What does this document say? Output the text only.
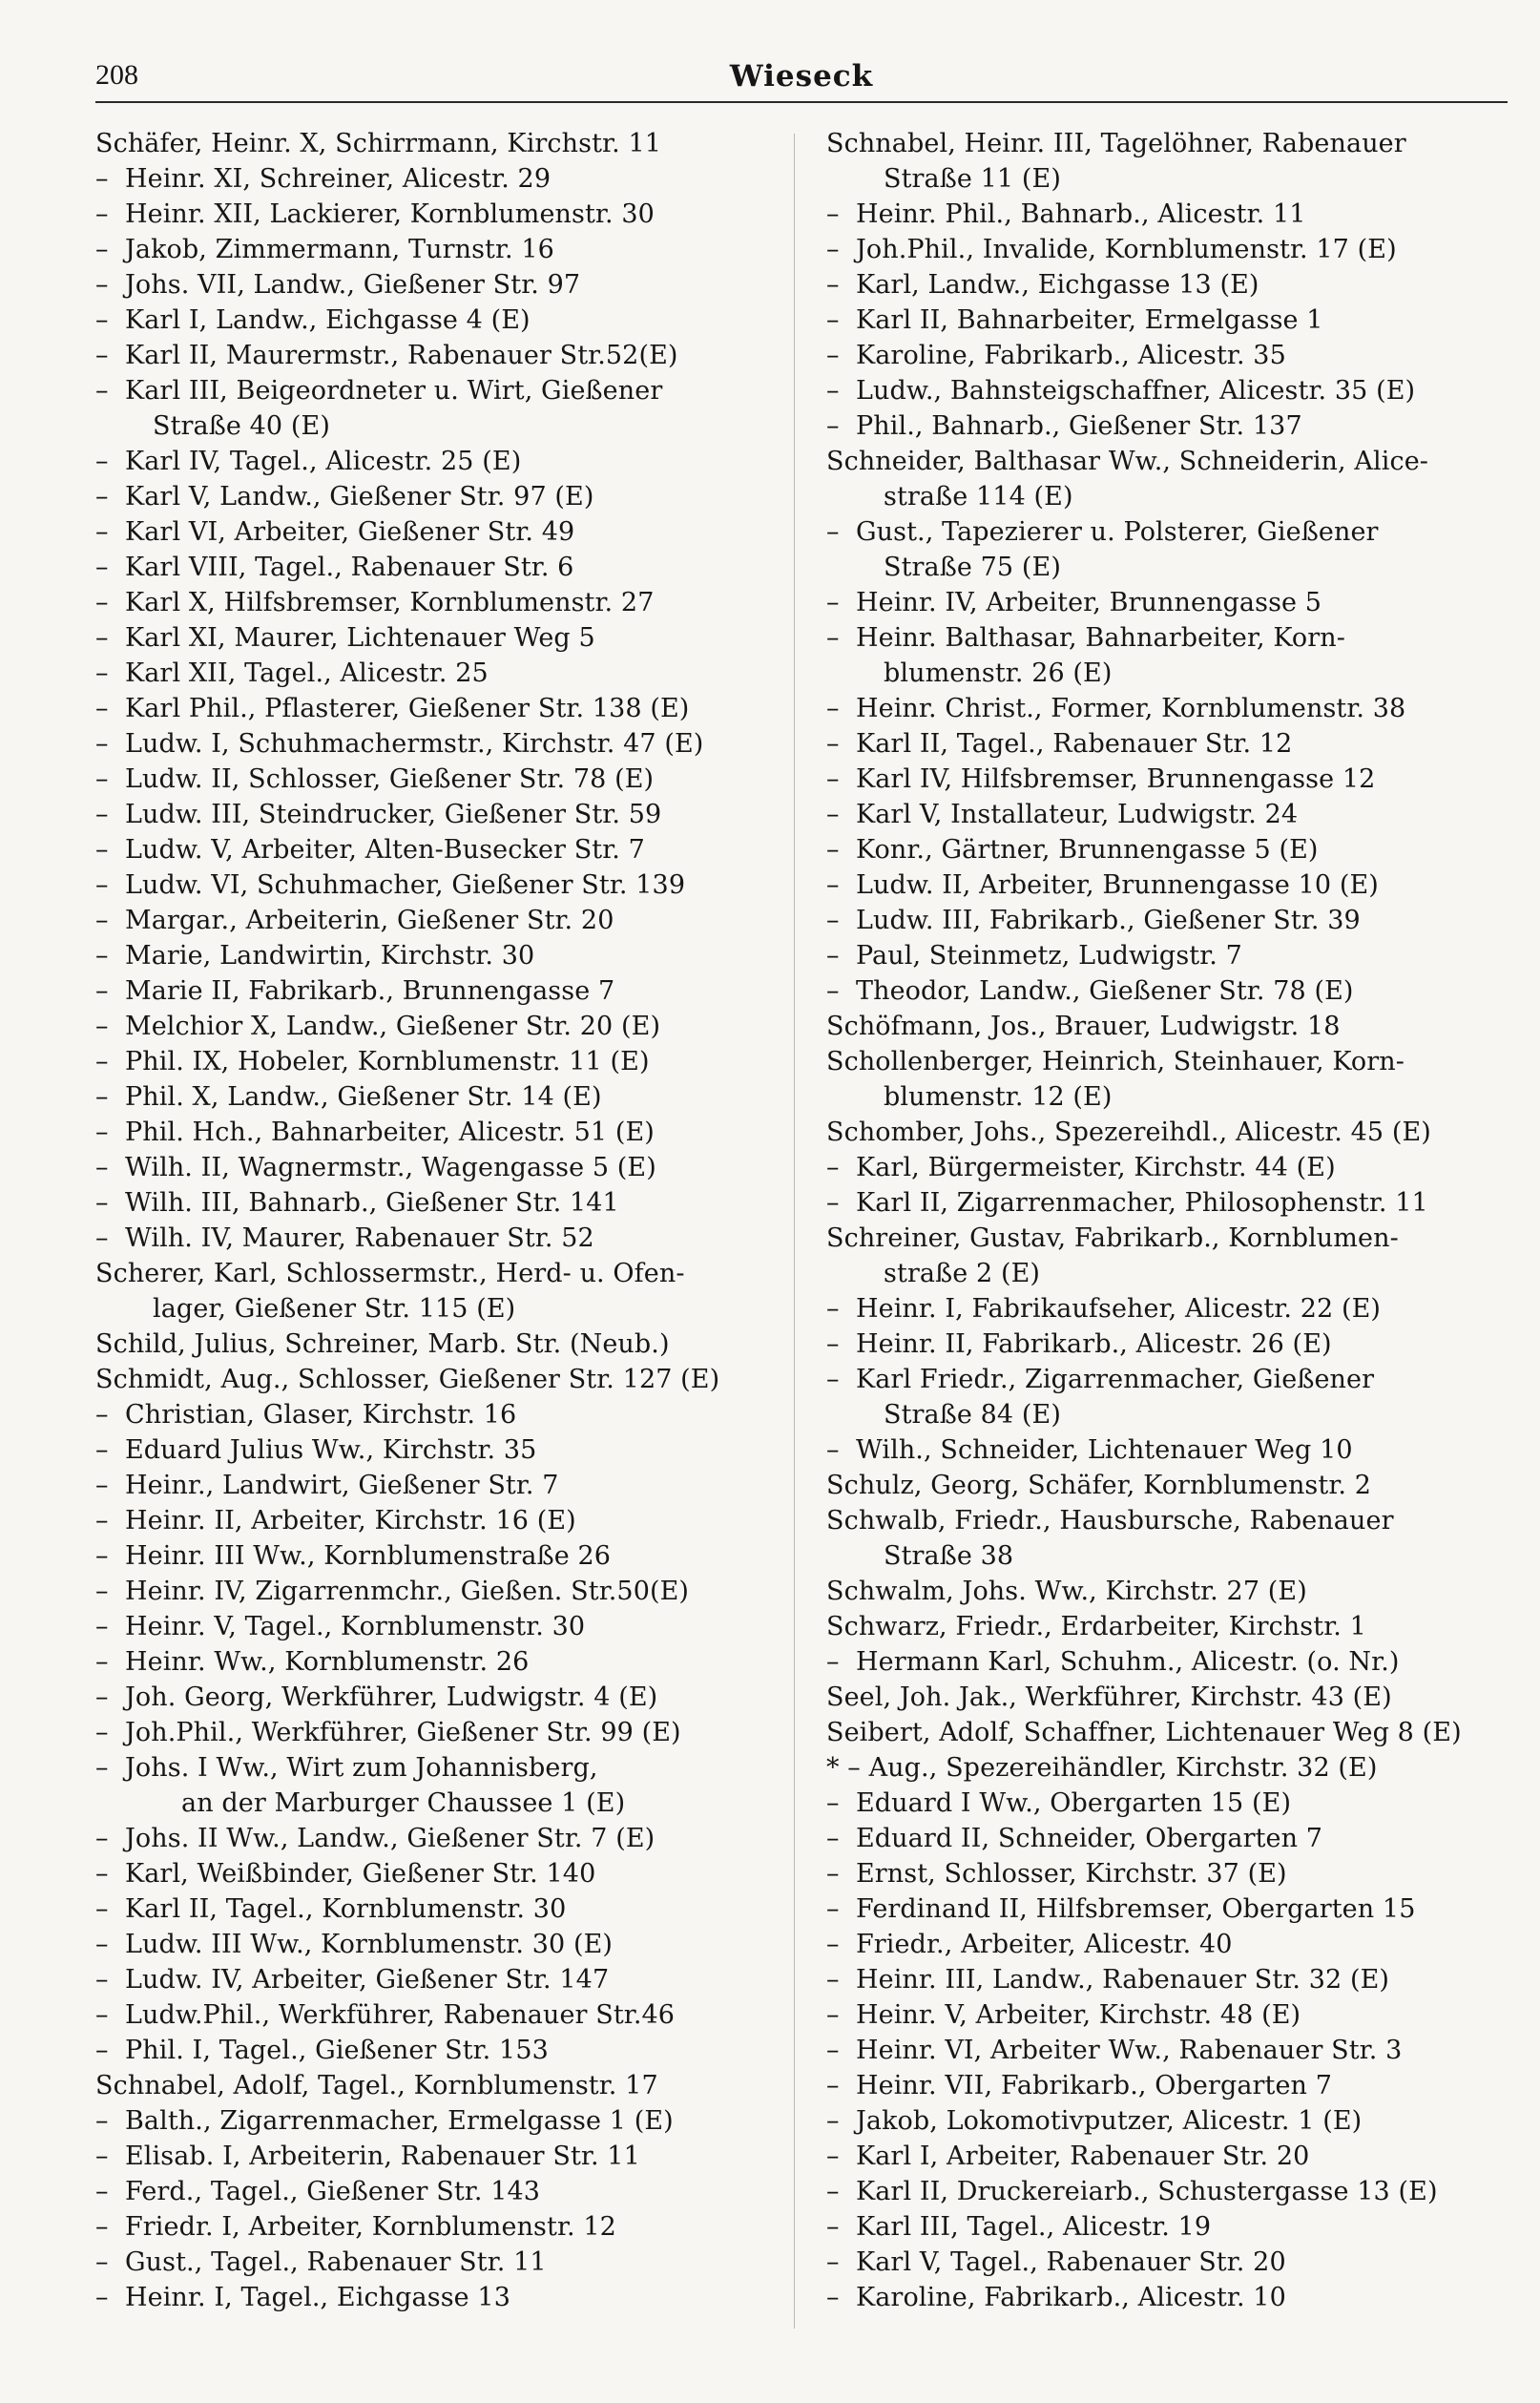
208	Wieseck
Schäfer, Heinr. X, Schirrmann, Kirchstr. 11
–  Heinr. XI, Schreiner, Alicestr. 29
–  Heinr. XII, Lackierer, Kornblumenstr. 30
–  Jakob, Zimmermann, Turnstr. 16
–  Johs. VII, Landw., Gießener Str. 97
–  Karl I, Landw., Eichgasse 4 (E)
–  Karl II, Maurermstr., Rabenauer Str.52(E)
–  Karl III, Beigeordneter u. Wirt, Gießener
Straße 40 (E)
–  Karl IV, Tagel., Alicestr. 25 (E)
–  Karl V, Landw., Gießener Str. 97 (E)
–  Karl VI, Arbeiter, Gießener Str. 49
–  Karl VIII, Tagel., Rabenauer Str. 6
–  Karl X, Hilfsbremser, Kornblumenstr. 27
–  Karl XI, Maurer, Lichtenauer Weg 5
–  Karl XII, Tagel., Alicestr. 25
–  Karl Phil., Pflasterer, Gießener Str. 138 (E)
–  Ludw. I, Schuhmachermstr., Kirchstr. 47 (E)
–  Ludw. II, Schlosser, Gießener Str. 78 (E)
–  Ludw. III, Steindrucker, Gießener Str. 59
–  Ludw. V, Arbeiter, Alten-Busecker Str. 7
–  Ludw. VI, Schuhmacher, Gießener Str. 139
–  Margar., Arbeiterin, Gießener Str. 20
–  Marie, Landwirtin, Kirchstr. 30
–  Marie II, Fabrikarb., Brunnengasse 7
–  Melchior X, Landw., Gießener Str. 20 (E)
–  Phil. IX, Hobeler, Kornblumenstr. 11 (E)
–  Phil. X, Landw., Gießener Str. 14 (E)
–  Phil. Hch., Bahnarbeiter, Alicestr. 51 (E)
–  Wilh. II, Wagnermstr., Wagengasse 5 (E)
–  Wilh. III, Bahnarb., Gießener Str. 141
–  Wilh. IV, Maurer, Rabenauer Str. 52
Scherer, Karl, Schlossermstr., Herd- u. Ofen-
lager, Gießener Str. 115 (E)
Schild, Julius, Schreiner, Marb. Str. (Neub.)
Schmidt, Aug., Schlosser, Gießener Str. 127 (E)
–  Christian, Glaser, Kirchstr. 16
–  Eduard Julius Ww., Kirchstr. 35
–  Heinr., Landwirt, Gießener Str. 7
–  Heinr. II, Arbeiter, Kirchstr. 16 (E)
–  Heinr. III Ww., Kornblumenstraße 26
–  Heinr. IV, Zigarrenmchr., Gießen. Str.50(E)
–  Heinr. V, Tagel., Kornblumenstr. 30
–  Heinr. Ww., Kornblumenstr. 26
–  Joh. Georg, Werkführer, Ludwigstr. 4 (E)
–  Joh.Phil., Werkführer, Gießener Str. 99 (E)
–  Johs. I Ww., Wirt zum Johannisberg,
an der Marburger Chaussee 1 (E)
–  Johs. II Ww., Landw., Gießener Str. 7 (E)
–  Karl, Weißbinder, Gießener Str. 140
–  Karl II, Tagel., Kornblumenstr. 30
–  Ludw. III Ww., Kornblumenstr. 30 (E)
–  Ludw. IV, Arbeiter, Gießener Str. 147
–  Ludw.Phil., Werkführer, Rabenauer Str.46
–  Phil. I, Tagel., Gießener Str. 153
Schnabel, Adolf, Tagel., Kornblumenstr. 17
–  Balth., Zigarrenmacher, Ermelgasse 1 (E)
–  Elisab. I, Arbeiterin, Rabenauer Str. 11
–  Ferd., Tagel., Gießener Str. 143
–  Friedr. I, Arbeiter, Kornblumenstr. 12
–  Gust., Tagel., Rabenauer Str. 11
–  Heinr. I, Tagel., Eichgasse 13
Schnabel, Heinr. III, Tagelöhner, Rabenauer
Straße 11 (E)
–  Heinr. Phil., Bahnarb., Alicestr. 11
–  Joh.Phil., Invalide, Kornblumenstr. 17 (E)
–  Karl, Landw., Eichgasse 13 (E)
–  Karl II, Bahnarbeiter, Ermelgasse 1
–  Karoline, Fabrikarb., Alicestr. 35
–  Ludw., Bahnsteigschaffner, Alicestr. 35 (E)
–  Phil., Bahnarb., Gießener Str. 137
Schneider, Balthasar Ww., Schneiderin, Alice-
straße 114 (E)
–  Gust., Tapezierer u. Polsterer, Gießener
Straße 75 (E)
–  Heinr. IV, Arbeiter, Brunnengasse 5
–  Heinr. Balthasar, Bahnarbeiter, Korn-
blumenstr. 26 (E)
–  Heinr. Christ., Former, Kornblumenstr. 38
–  Karl II, Tagel., Rabenauer Str. 12
–  Karl IV, Hilfsbremser, Brunnengasse 12
–  Karl V, Installateur, Ludwigstr. 24
–  Konr., Gärtner, Brunnengasse 5 (E)
–  Ludw. II, Arbeiter, Brunnengasse 10 (E)
–  Ludw. III, Fabrikarb., Gießener Str. 39
–  Paul, Steinmetz, Ludwigstr. 7
–  Theodor, Landw., Gießener Str. 78 (E)
Schöfmann, Jos., Brauer, Ludwigstr. 18
Schollenberger, Heinrich, Steinhauer, Korn-
blumenstr. 12 (E)
Schomber, Johs., Spezereihdl., Alicestr. 45 (E)
–  Karl, Bürgermeister, Kirchstr. 44 (E)
–  Karl II, Zigarrenmacher, Philosophenstr. 11
Schreiner, Gustav, Fabrikarb., Kornblumen-
straße 2 (E)
–  Heinr. I, Fabrikaufseher, Alicestr. 22 (E)
–  Heinr. II, Fabrikarb., Alicestr. 26 (E)
–  Karl Friedr., Zigarrenmacher, Gießener
Straße 84 (E)
–  Wilh., Schneider, Lichtenauer Weg 10
Schulz, Georg, Schäfer, Kornblumenstr. 2
Schwalb, Friedr., Hausbursche, Rabenauer
Straße 38
Schwalm, Johs. Ww., Kirchstr. 27 (E)
Schwarz, Friedr., Erdarbeiter, Kirchstr. 1
–  Hermann Karl, Schuhm., Alicestr. (o. Nr.)
Seel, Joh. Jak., Werkführer, Kirchstr. 43 (E)
Seibert, Adolf, Schaffner, Lichtenauer Weg 8 (E)
* – Aug., Spezereihändler, Kirchstr. 32 (E)
–  Eduard I Ww., Obergarten 15 (E)
–  Eduard II, Schneider, Obergarten 7
–  Ernst, Schlosser, Kirchstr. 37 (E)
–  Ferdinand II, Hilfsbremser, Obergarten 15
–  Friedr., Arbeiter, Alicestr. 40
–  Heinr. III, Landw., Rabenauer Str. 32 (E)
–  Heinr. V, Arbeiter, Kirchstr. 48 (E)
–  Heinr. VI, Arbeiter Ww., Rabenauer Str. 3
–  Heinr. VII, Fabrikarb., Obergarten 7
–  Jakob, Lokomotivputzer, Alicestr. 1 (E)
–  Karl I, Arbeiter, Rabenauer Str. 20
–  Karl II, Druckereiarb., Schustergasse 13 (E)
–  Karl III, Tagel., Alicestr. 19
–  Karl V, Tagel., Rabenauer Str. 20
–  Karoline, Fabrikarb., Alicestr. 10
